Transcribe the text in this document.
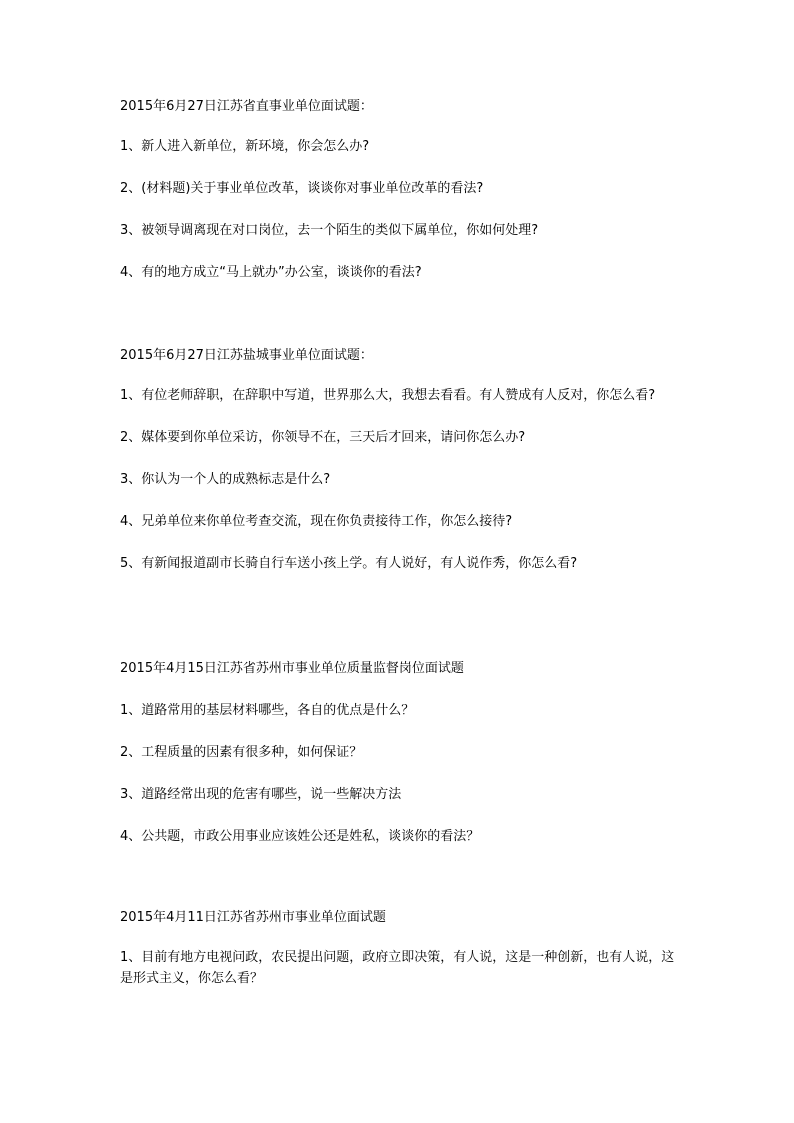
2015年6月27日江苏省直事业单位面试题：

1、新人进入新单位，新环境，你会怎么办?

2、(材料题)关于事业单位改革，谈谈你对事业单位改革的看法?

3、被领导调离现在对口岗位，去一个陌生的类似下属单位，你如何处理?

4、有的地方成立“马上就办”办公室，谈谈你的看法?

2015年6月27日江苏盐城事业单位面试题：

1、有位老师辞职，在辞职中写道，世界那么大，我想去看看。有人赞成有人反对，你怎么看?

2、媒体要到你单位采访，你领导不在，三天后才回来，请问你怎么办?

3、你认为一个人的成熟标志是什么?

4、兄弟单位来你单位考查交流，现在你负责接待工作，你怎么接待?

5、有新闻报道副市长骑自行车送小孩上学。有人说好，有人说作秀，你怎么看?

2015年4月15日江苏省苏州市事业单位质量监督岗位面试题

1、道路常用的基层材料哪些，各自的优点是什么？

2、工程质量的因素有很多种，如何保证？

3、道路经常出现的危害有哪些，说一些解决方法

4、公共题，市政公用事业应该姓公还是姓私，谈谈你的看法？

2015年4月11日江苏省苏州市事业单位面试题

1、目前有地方电视问政，农民提出问题，政府立即决策，有人说，这是一种创新，也有人说，这是形式主义，你怎么看？
